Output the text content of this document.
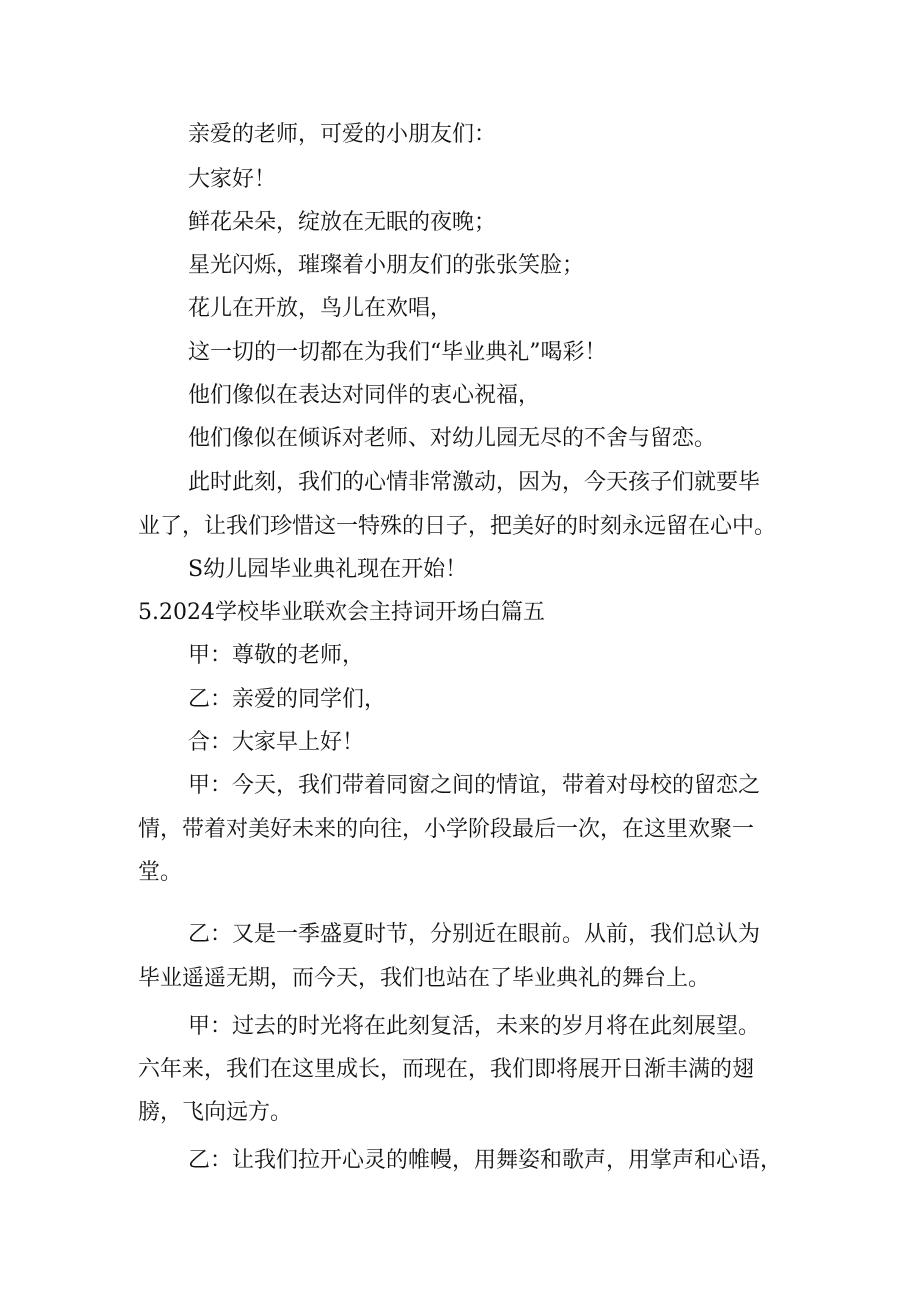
亲爱的老师，可爱的小朋友们：
大家好！
鲜花朵朵，绽放在无眠的夜晚；
星光闪烁，璀璨着小朋友们的张张笑脸；
花儿在开放，鸟儿在欢唱，
这一切的一切都在为我们“毕业典礼”喝彩！
他们像似在表达对同伴的衷心祝福，
他们像似在倾诉对老师、对幼儿园无尽的不舍与留恋。
此时此刻，我们的心情非常激动，因为，今天孩子们就要毕
业了，让我们珍惜这一特殊的日子，把美好的时刻永远留在心中。
S幼儿园毕业典礼现在开始！
5.2024学校毕业联欢会主持词开场白篇五
甲：尊敬的老师，
乙：亲爱的同学们，
合：大家早上好！
甲：今天，我们带着同窗之间的情谊，带着对母校的留恋之
情，带着对美好未来的向往，小学阶段最后一次，在这里欢聚一
堂。
乙：又是一季盛夏时节，分别近在眼前。从前，我们总认为
毕业遥遥无期，而今天，我们也站在了毕业典礼的舞台上。
甲：过去的时光将在此刻复活，未来的岁月将在此刻展望。
六年来，我们在这里成长，而现在，我们即将展开日渐丰满的翅
膀，飞向远方。
乙：让我们拉开心灵的帷幔，用舞姿和歌声，用掌声和心语，
